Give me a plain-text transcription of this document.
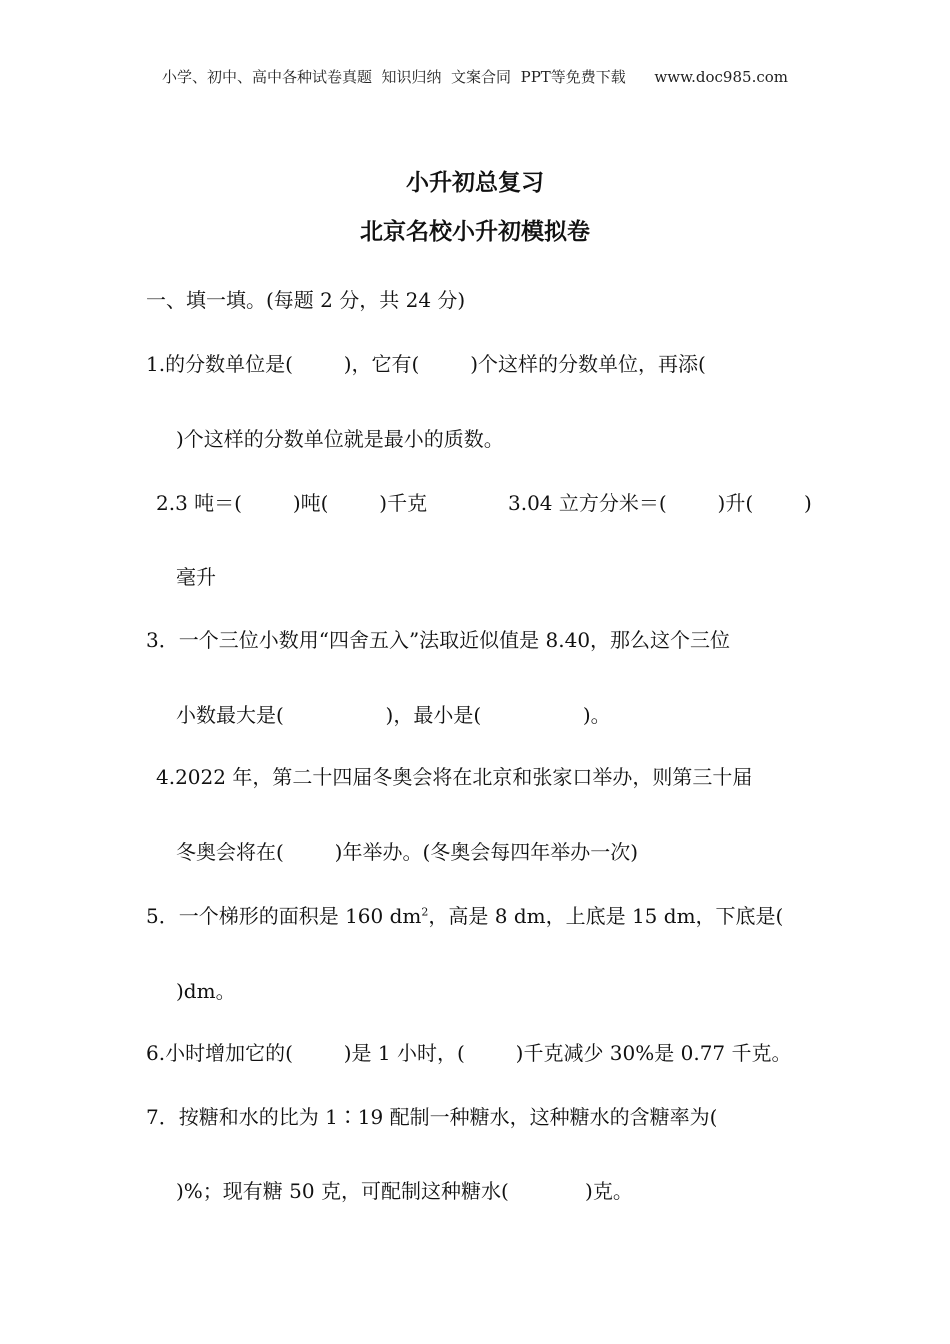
小学、初中、高中各种试卷真题  知识归纳  文案合同  PPT等免费下载      www.doc985.com
小升初总复习
北京名校小升初模拟卷
一、填一填。(每题 2 分，共 24 分)
1.的分数单位是(        )，它有(        )个这样的分数单位，再添(
)个这样的分数单位就是最小的质数。
2.3 吨＝(        )吨(        )千克	3.04 立方分米＝(        )升(        )
毫升
3．一个三位小数用“四舍五入”法取近似值是 8.40，那么这个三位
小数最大是(                )，最小是(                )。
4.2022 年，第二十四届冬奥会将在北京和张家口举办，则第三十届
冬奥会将在(        )年举办。(冬奥会每四年举办一次)
5．一个梯形的面积是 160 $dm^2$，高是 8 dm，上底是 15 dm，下底是(
)dm。
6.小时增加它的(        )是 1 小时，(        )千克减少 30%是 0.77 千克。
7．按糖和水的比为 1∶19 配制一种糖水，这种糖水的含糖率为(
)%；现有糖 50 克，可配制这种糖水(            )克。
